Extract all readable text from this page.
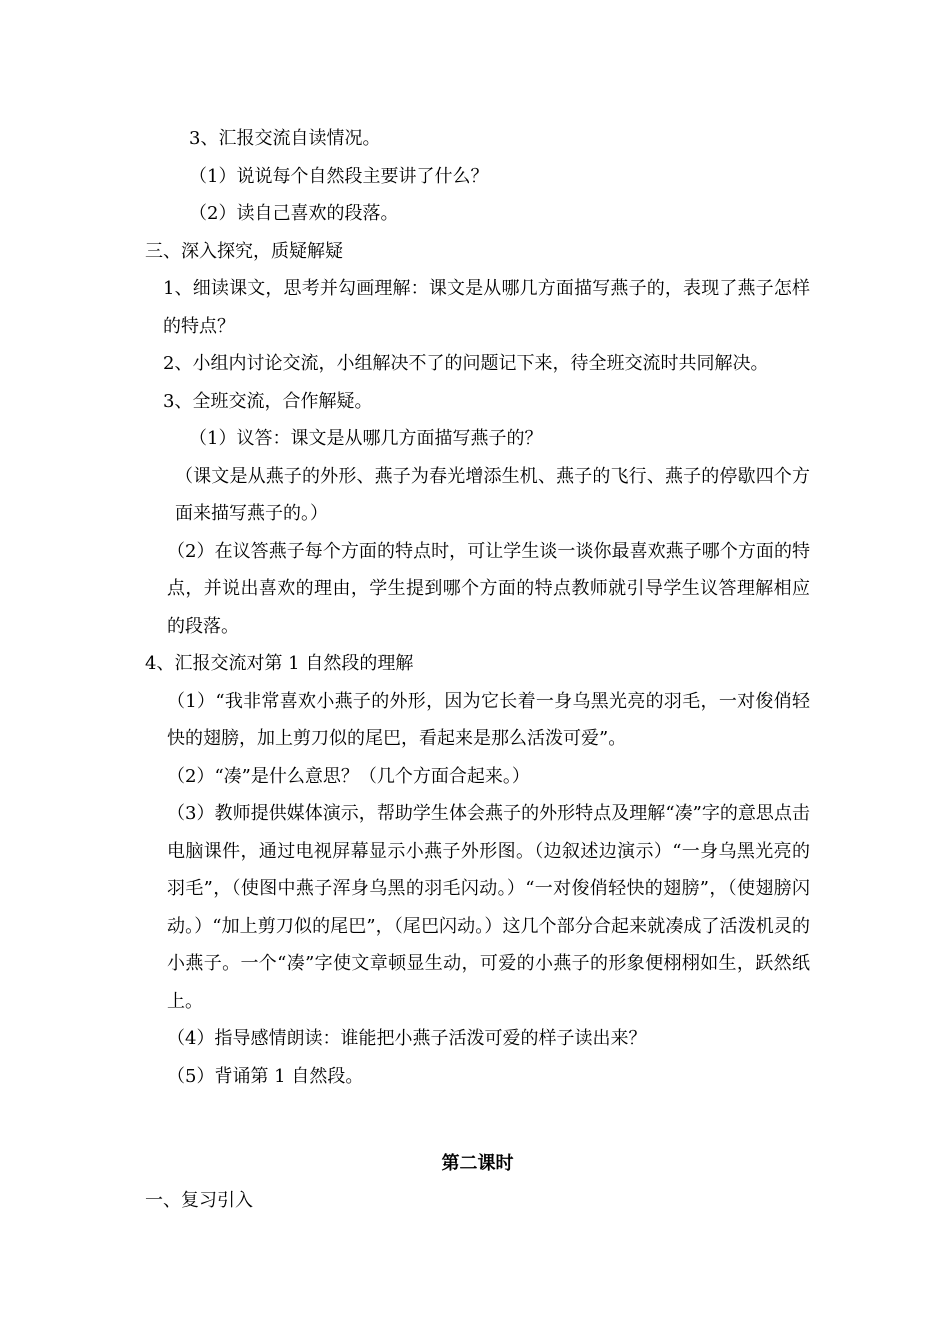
3、汇报交流自读情况。

（1）说说每个自然段主要讲了什么？

（2）读自己喜欢的段落。

三、深入探究，质疑解疑

1、细读课文，思考并勾画理解：课文是从哪几方面描写燕子的，表现了燕子怎样的特点？

2、小组内讨论交流，小组解决不了的问题记下来，待全班交流时共同解决。

3、全班交流，合作解疑。

（1）议答：课文是从哪几方面描写燕子的？

（课文是从燕子的外形、燕子为春光增添生机、燕子的飞行、燕子的停歇四个方面来描写燕子的。）

（2）在议答燕子每个方面的特点时，可让学生谈一谈你最喜欢燕子哪个方面的特点，并说出喜欢的理由，学生提到哪个方面的特点教师就引导学生议答理解相应的段落。

4、汇报交流对第 1 自然段的理解

（1）“我非常喜欢小燕子的外形，因为它长着一身乌黑光亮的羽毛，一对俊俏轻快的翅膀，加上剪刀似的尾巴，看起来是那么活泼可爱”。

（2）“凑”是什么意思？（几个方面合起来。）

（3）教师提供媒体演示，帮助学生体会燕子的外形特点及理解“凑”字的意思点击电脑课件，通过电视屏幕显示小燕子外形图。（边叙述边演示）“一身乌黑光亮的羽毛”，（使图中燕子浑身乌黑的羽毛闪动。）“一对俊俏轻快的翅膀”，（使翅膀闪动。）“加上剪刀似的尾巴”，（尾巴闪动。）这几个部分合起来就凑成了活泼机灵的小燕子。一个“凑”字使文章顿显生动，可爱的小燕子的形象便栩栩如生，跃然纸上。

（4）指导感情朗读：谁能把小燕子活泼可爱的样子读出来？

（5）背诵第 1 自然段。

第二课时

一、复习引入
